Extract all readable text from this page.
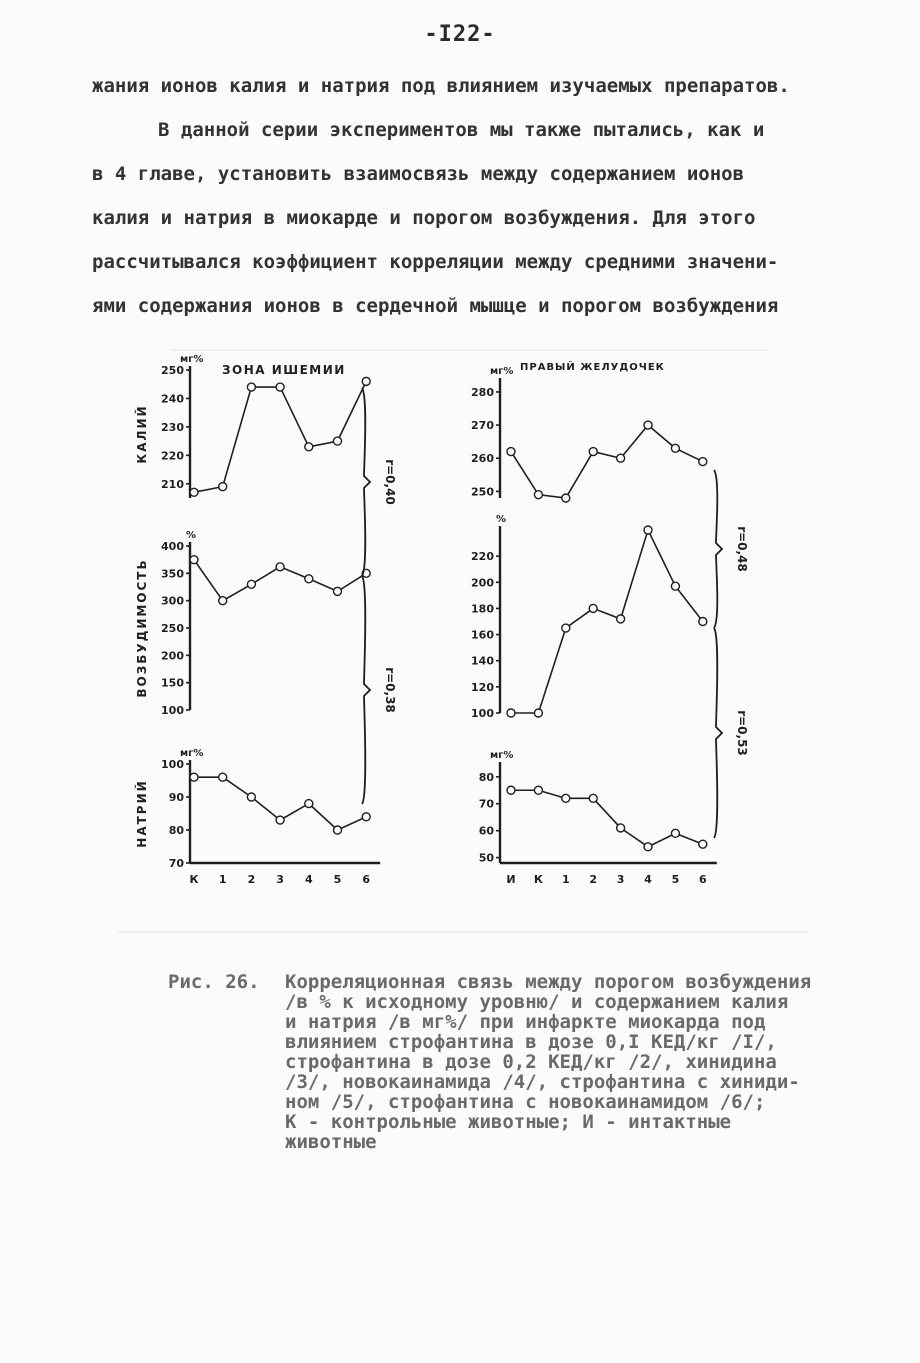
-I22-
жания ионов калия и натрия под влиянием изучаемых препаратов.
В данной серии экспериментов мы также пытались, как и
в 4 главе, установить взаимосвязь между содержанием ионов
калия и натрия в миокарде и порогом возбуждения. Для этого
рассчитывался коэффициент корреляции между средними значени-
ями содержания ионов в сердечной мышце и порогом возбуждения
ЗОНА ИШЕМИИ	ПРАВЫЙ ЖЕЛУДОЧЕК
210
220
230
240
250
мг%
КАЛИЙ
100
150
200
250
300
350
400
%
ВОЗБУДИМОСТЬ
70
80
90
100
мг%
НАТРИЙ
К 1 2 3 4 5 6
250
260
270
280
мг%
100
120
140
160
180
200
220
%
50
60
70
80
мг%
И К 1 2 3 4 5 6
r=0,40
r=0,38
r=0,48
r=0,53
Рис. 26. Корреляционная связь между порогом возбуждения
/в % к исходному уровню/ и содержанием калия
и натрия /в мг%/ при инфаркте миокарда под
влиянием строфантина в дозе 0,I КЕД/кг /I/,
строфантина в дозе 0,2 КЕД/кг /2/, хинидина
/3/, новокаинамида /4/, строфантина с хиниди-
ном /5/, строфантина с новокаинамидом /6/;
К - контрольные животные; И - интактные
животные
